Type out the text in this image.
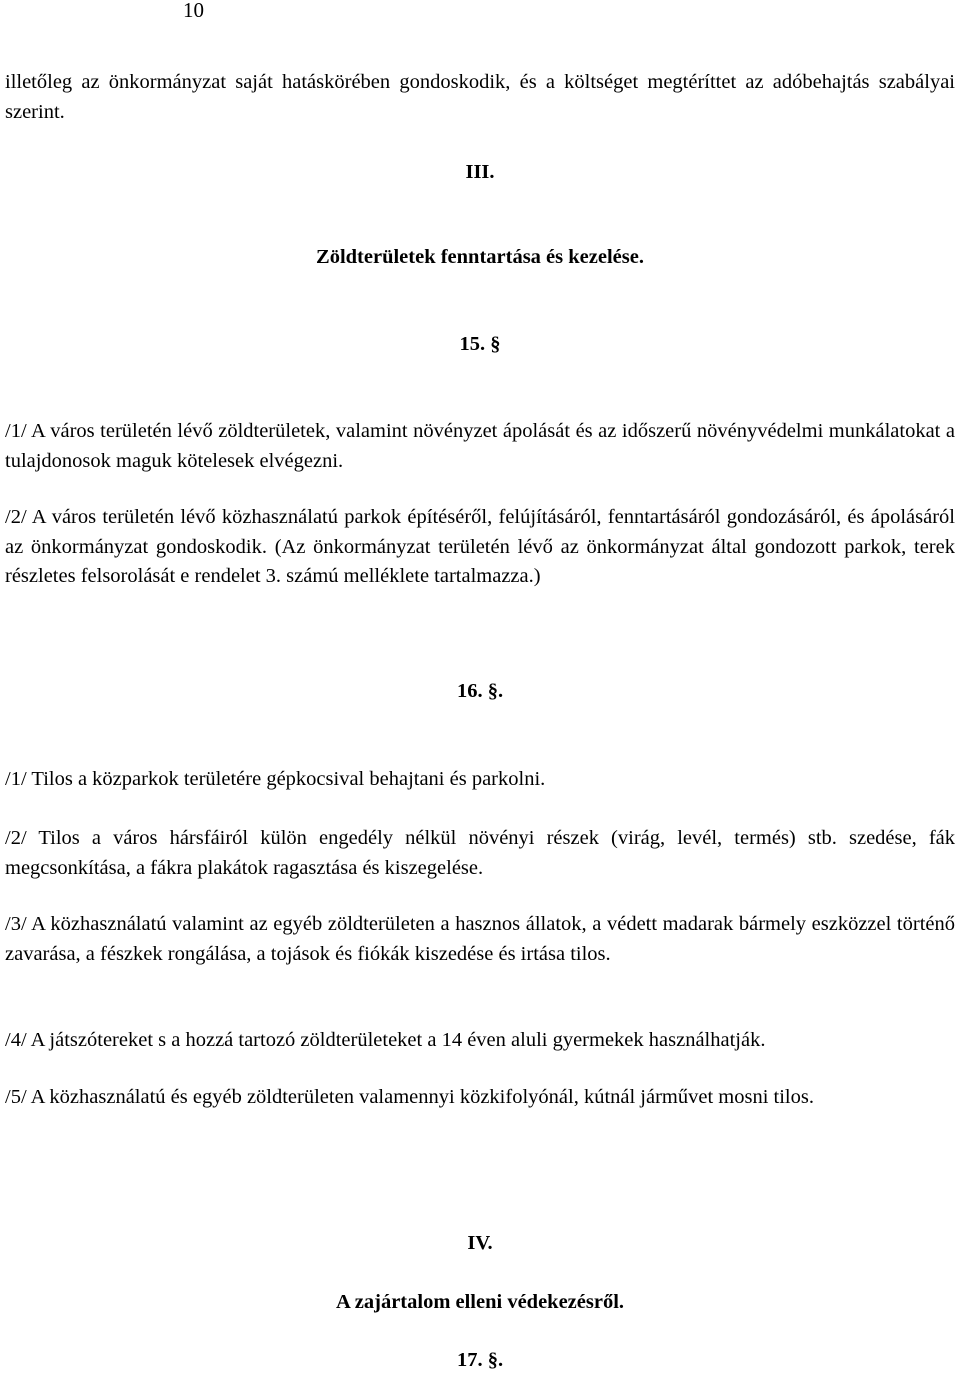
10

illetőleg az önkormányzat saját hatáskörében gondoskodik, és a költséget megtéríttet az adóbehajtás szabályai szerint.

III.

Zöldterületek fenntartása és kezelése.

15. §

/1/ A város területén lévő zöldterületek, valamint növényzet ápolását és az időszerű növényvédelmi munkálatokat a tulajdonosok maguk kötelesek elvégezni.

/2/ A város területén lévő közhasználatú parkok építéséről, felújításáról, fenntartásáról gondozásáról, és ápolásáról az önkormányzat gondoskodik. (Az önkormányzat területén lévő az önkormányzat által gondozott parkok, terek részletes felsorolását e rendelet 3. számú melléklete tartalmazza.)

16. §.

/1/ Tilos a közparkok területére gépkocsival behajtani és parkolni.

/2/ Tilos a város hársfáiról külön engedély nélkül növényi részek (virág, levél, termés) stb. szedése, fák megcsonkítása, a fákra plakátok ragasztása és kiszegelése.

/3/ A közhasználatú valamint az egyéb zöldterületen a hasznos állatok, a védett madarak bármely eszközzel történő zavarása, a fészkek rongálása, a tojások és fiókák kiszedése és irtása tilos.

/4/ A játszótereket s a hozzá tartozó zöldterületeket a 14 éven aluli gyermekek használhatják.

/5/ A közhasználatú és egyéb zöldterületen valamennyi közkifolyónál, kútnál járművet mosni tilos.

IV.

A zajártalom elleni védekezésről.

17. §.
